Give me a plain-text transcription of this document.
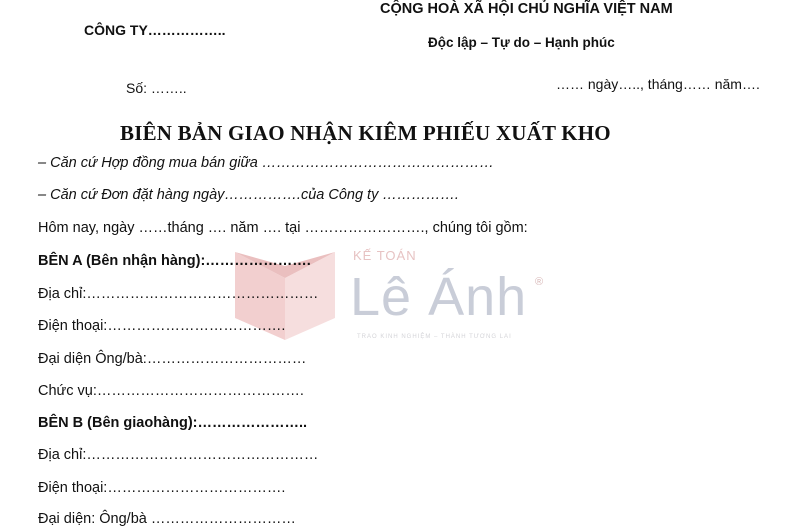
KẾ TOÁN
Lê Ánh ®
TRAO KINH NGHIỆM – THÀNH TƯƠNG LAI
CÔNG TY……………..
CỘNG HOÀ XÃ HỘI CHỦ NGHĨA VIỆT NAM
Độc lập – Tự do – Hạnh phúc
Số: ……..	…… ngày….., tháng…… năm….
BIÊN BẢN GIAO NHẬN KIÊM PHIẾU XUẤT KHO
– Căn cứ Hợp đồng mua bán giữa …………………………………………
– Căn cứ Đơn đặt hàng ngày…………….của Công ty …………….
Hôm nay, ngày ……tháng …. năm …. tại ……………………., chúng tôi gồm:
BÊN A (Bên nhận hàng):………………….
Địa chỉ:…………………………………………
Điện thoại:……………………………….
Đại diện Ông/bà:……………………………
Chức vụ:…………………………………….
BÊN B (Bên giaohàng):…………………..
Địa chỉ:…………………………………………
Điện thoại:……………………………….
Đại diện: Ông/bà …………………………
